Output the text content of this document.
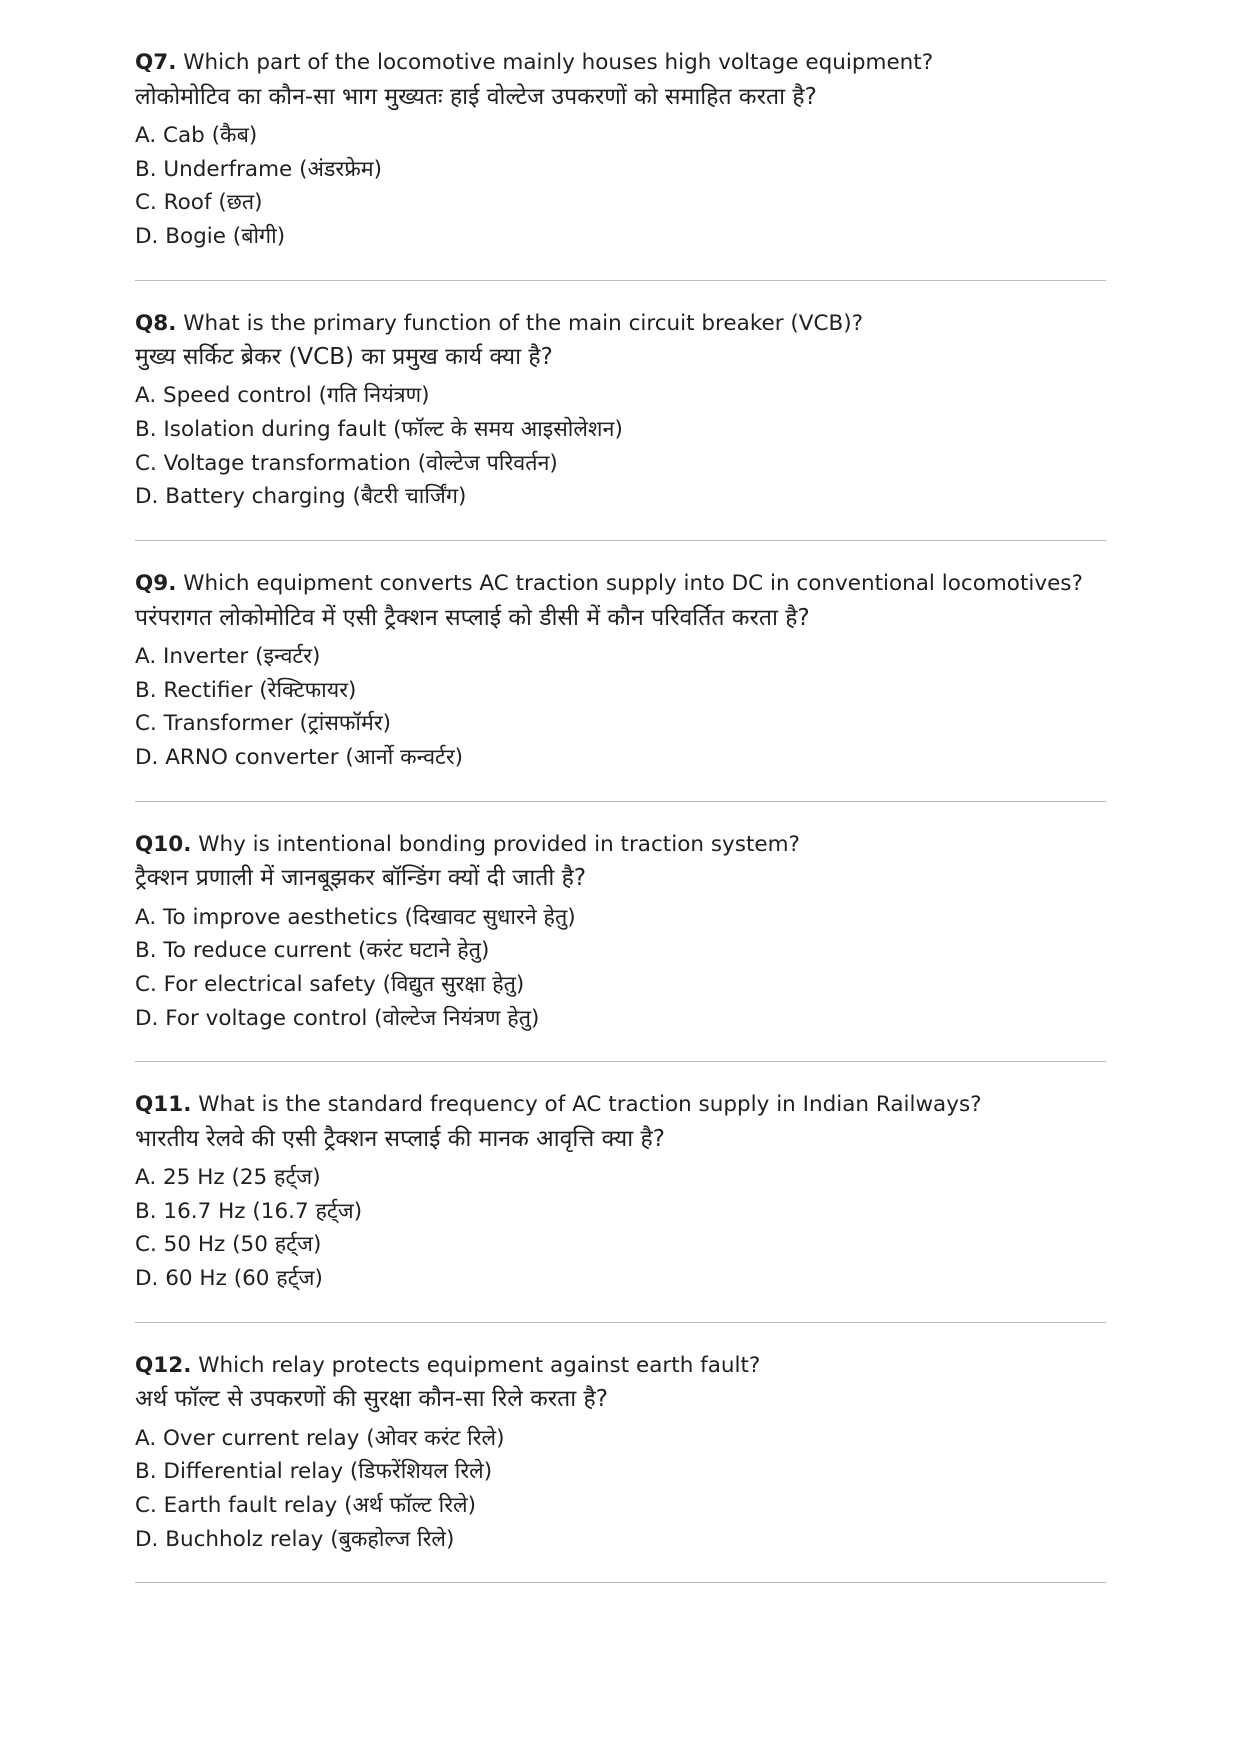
Q7. Which part of the locomotive mainly houses high voltage equipment?

लोकोमोटिव का कौन-सा भाग मुख्यतः हाई वोल्टेज उपकरणों को समाहित करता है?

A. Cab (कैब)

B. Underframe (अंडरफ्रेम)

C. Roof (छत)

D. Bogie (बोगी)

Q8. What is the primary function of the main circuit breaker (VCB)?

मुख्य सर्किट ब्रेकर (VCB) का प्रमुख कार्य क्या है?

A. Speed control (गति नियंत्रण)

B. Isolation during fault (फॉल्ट के समय आइसोलेशन)

C. Voltage transformation (वोल्टेज परिवर्तन)

D. Battery charging (बैटरी चार्जिंग)

Q9. Which equipment converts AC traction supply into DC in conventional locomotives?

परंपरागत लोकोमोटिव में एसी ट्रैक्शन सप्लाई को डीसी में कौन परिवर्तित करता है?

A. Inverter (इन्वर्टर)

B. Rectifier (रेक्टिफायर)

C. Transformer (ट्रांसफॉर्मर)

D. ARNO converter (आर्नो कन्वर्टर)

Q10. Why is intentional bonding provided in traction system?

ट्रैक्शन प्रणाली में जानबूझकर बॉन्डिंग क्यों दी जाती है?

A. To improve aesthetics (दिखावट सुधारने हेतु)

B. To reduce current (करंट घटाने हेतु)

C. For electrical safety (विद्युत सुरक्षा हेतु)

D. For voltage control (वोल्टेज नियंत्रण हेतु)

Q11. What is the standard frequency of AC traction supply in Indian Railways?

भारतीय रेलवे की एसी ट्रैक्शन सप्लाई की मानक आवृत्ति क्या है?

A. 25 Hz (25 हर्ट्ज)

B. 16.7 Hz (16.7 हर्ट्ज)

C. 50 Hz (50 हर्ट्ज)

D. 60 Hz (60 हर्ट्ज)

Q12. Which relay protects equipment against earth fault?

अर्थ फॉल्ट से उपकरणों की सुरक्षा कौन-सा रिले करता है?

A. Over current relay (ओवर करंट रिले)

B. Differential relay (डिफरेंशियल रिले)

C. Earth fault relay (अर्थ फॉल्ट रिले)

D. Buchholz relay (बुकहोल्ज रिले)
